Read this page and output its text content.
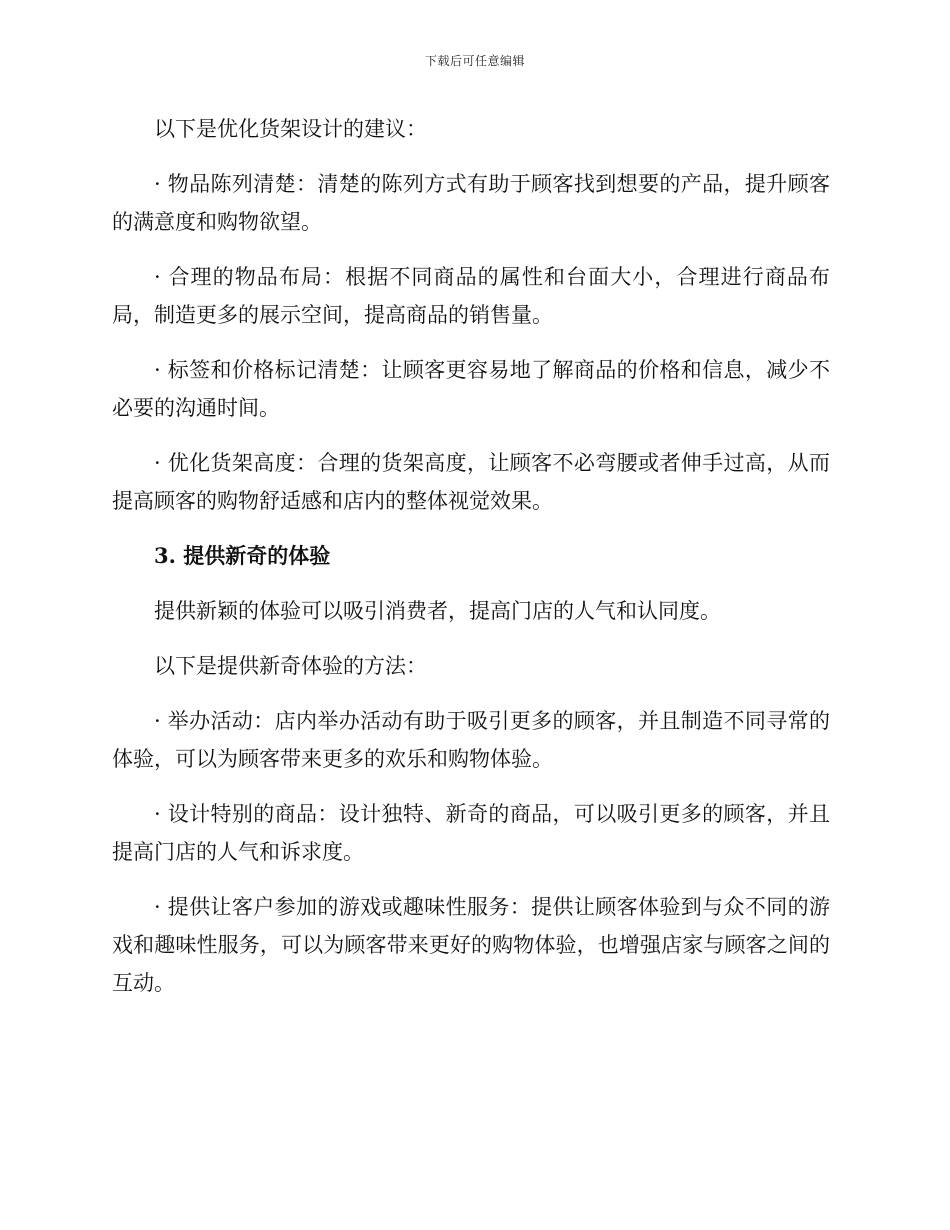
下载后可任意编辑

以下是优化货架设计的建议：

· 物品陈列清楚：清楚的陈列方式有助于顾客找到想要的产品，提升顾客的满意度和购物欲望。

· 合理的物品布局：根据不同商品的属性和台面大小，合理进行商品布局，制造更多的展示空间，提高商品的销售量。

· 标签和价格标记清楚：让顾客更容易地了解商品的价格和信息，减少不必要的沟通时间。

· 优化货架高度：合理的货架高度，让顾客不必弯腰或者伸手过高，从而提高顾客的购物舒适感和店内的整体视觉效果。

3. 提供新奇的体验

提供新颖的体验可以吸引消费者，提高门店的人气和认同度。

以下是提供新奇体验的方法：

· 举办活动：店内举办活动有助于吸引更多的顾客，并且制造不同寻常的体验，可以为顾客带来更多的欢乐和购物体验。

· 设计特别的商品：设计独特、新奇的商品，可以吸引更多的顾客，并且提高门店的人气和诉求度。

· 提供让客户参加的游戏或趣味性服务：提供让顾客体验到与众不同的游戏和趣味性服务，可以为顾客带来更好的购物体验，也增强店家与顾客之间的互动。
